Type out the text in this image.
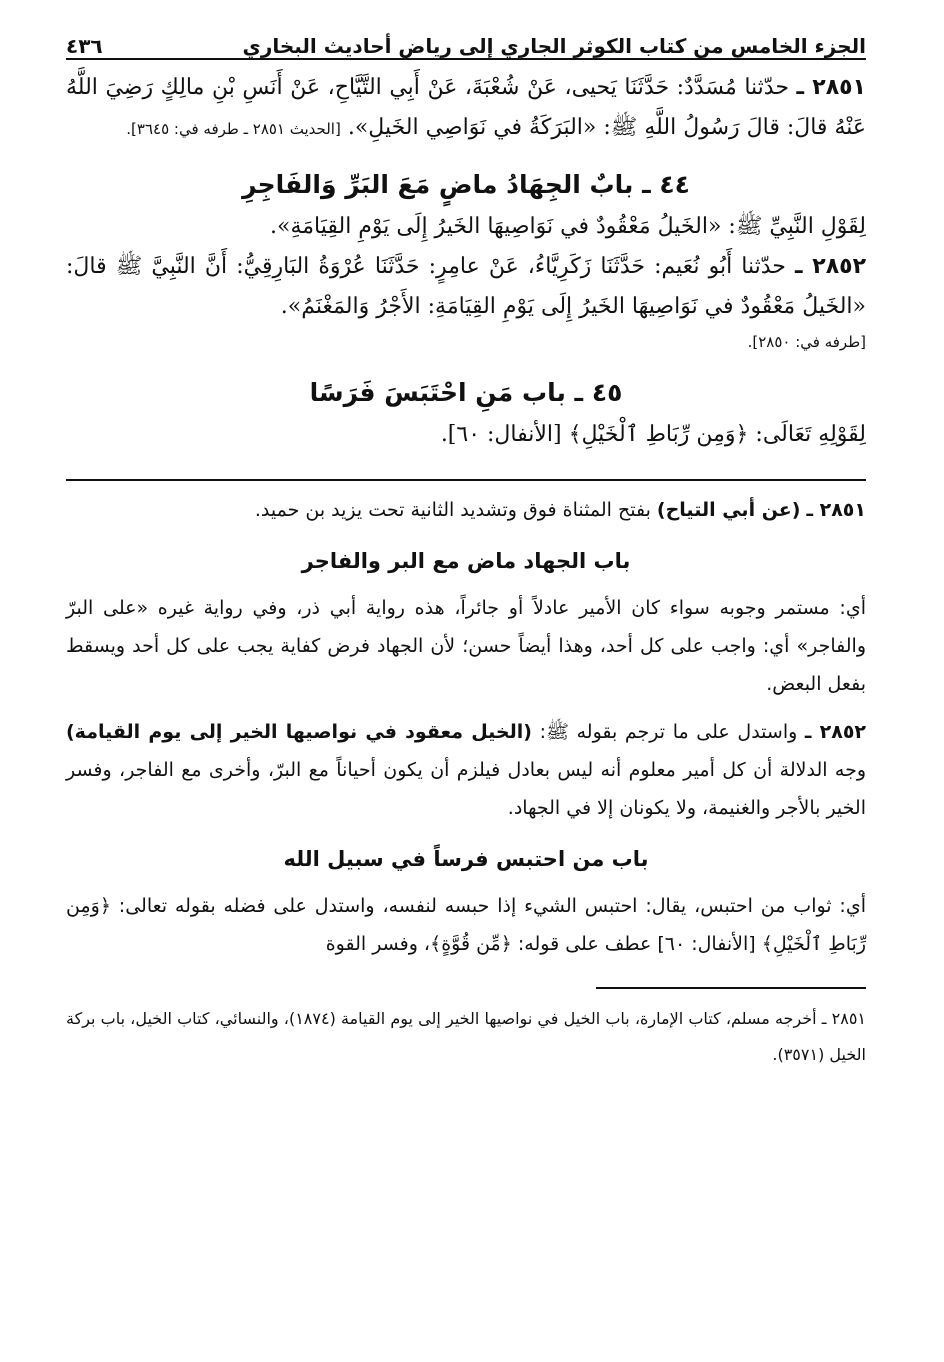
الجزء الخامس من كتاب الكوثر الجاري إلى رياض أحاديث البخاري
٤٣٦

٢٨٥١ ـ حدّثنا مُسَدَّدٌ: حَدَّثَنَا يَحيى، عَنْ شُعْبَةَ، عَنْ أَبِي التَّيَّاحِ، عَنْ أَنَسِ بْنِ مالِكٍ رَضِيَ اللَّهُ عَنْهُ قالَ: قالَ رَسُولُ اللَّهِ ﷺ: «البَرَكَةُ في نَوَاصِي الخَيلِ». [الحديث ٢٨٥١ ـ طرفه في: ٣٦٤٥].

٤٤ ـ بابٌ الجِهَادُ ماضٍ مَعَ البَرِّ وَالفَاجِرِ

لِقَوْلِ النَّبِيِّ ﷺ: «الخَيلُ مَعْقُودٌ في نَوَاصِيهَا الخَيرُ إِلَى يَوْمِ القِيَامَةِ».

٢٨٥٢ ـ حدّثنا أَبُو نُعَيم: حَدَّثَنَا زَكَرِيَّاءُ، عَنْ عامِرٍ: حَدَّثَنَا عُرْوَةُ البَارِقِيُّ: أَنَّ النَّبِيَّ ﷺ قالَ: «الخَيلُ مَعْقُودٌ في نَوَاصِيهَا الخَيرُ إِلَى يَوْمِ القِيَامَةِ: الأَجْرُ وَالمَغْنَمُ».

[طرفه في: ٢٨٥٠].

٤٥ ـ باب مَنِ احْتَبَسَ فَرَسًا

لِقَوْلِهِ تَعَالَى: ﴿وَمِن رِّبَاطِ ٱلْخَيْلِ﴾ [الأنفال: ٦٠].

٢٨٥١ ـ (عن أبي التياح) بفتح المثناة فوق وتشديد الثانية تحت يزيد بن حميد.

باب الجهاد ماض مع البر والفاجر

أي: مستمر وجوبه سواء كان الأمير عادلاً أو جائراً، هذه رواية أبي ذر، وفي رواية غيره «على البرّ والفاجر» أي: واجب على كل أحد، وهذا أيضاً حسن؛ لأن الجهاد فرض كفاية يجب على كل أحد ويسقط بفعل البعض.

٢٨٥٢ ـ واستدل على ما ترجم بقوله ﷺ: (الخيل معقود في نواصيها الخير إلى يوم القيامة) وجه الدلالة أن كل أمير معلوم أنه ليس بعادل فيلزم أن يكون أحياناً مع البرّ، وأخرى مع الفاجر، وفسر الخير بالأجر والغنيمة، ولا يكونان إلا في الجهاد.

باب من احتبس فرساً في سبيل الله

أي: ثواب من احتبس، يقال: احتبس الشيء إذا حبسه لنفسه، واستدل على فضله بقوله تعالى: ﴿وَمِن رِّبَاطِ ٱلْخَيْلِ﴾ [الأنفال: ٦٠] عطف على قوله: ﴿مِّن قُوَّةٍ﴾، وفسر القوة

٢٨٥١ ـ أخرجه مسلم، كتاب الإمارة، باب الخيل في نواصيها الخير إلى يوم القيامة (١٨٧٤)، والنسائي، كتاب الخيل، باب بركة الخيل (٣٥٧١).
